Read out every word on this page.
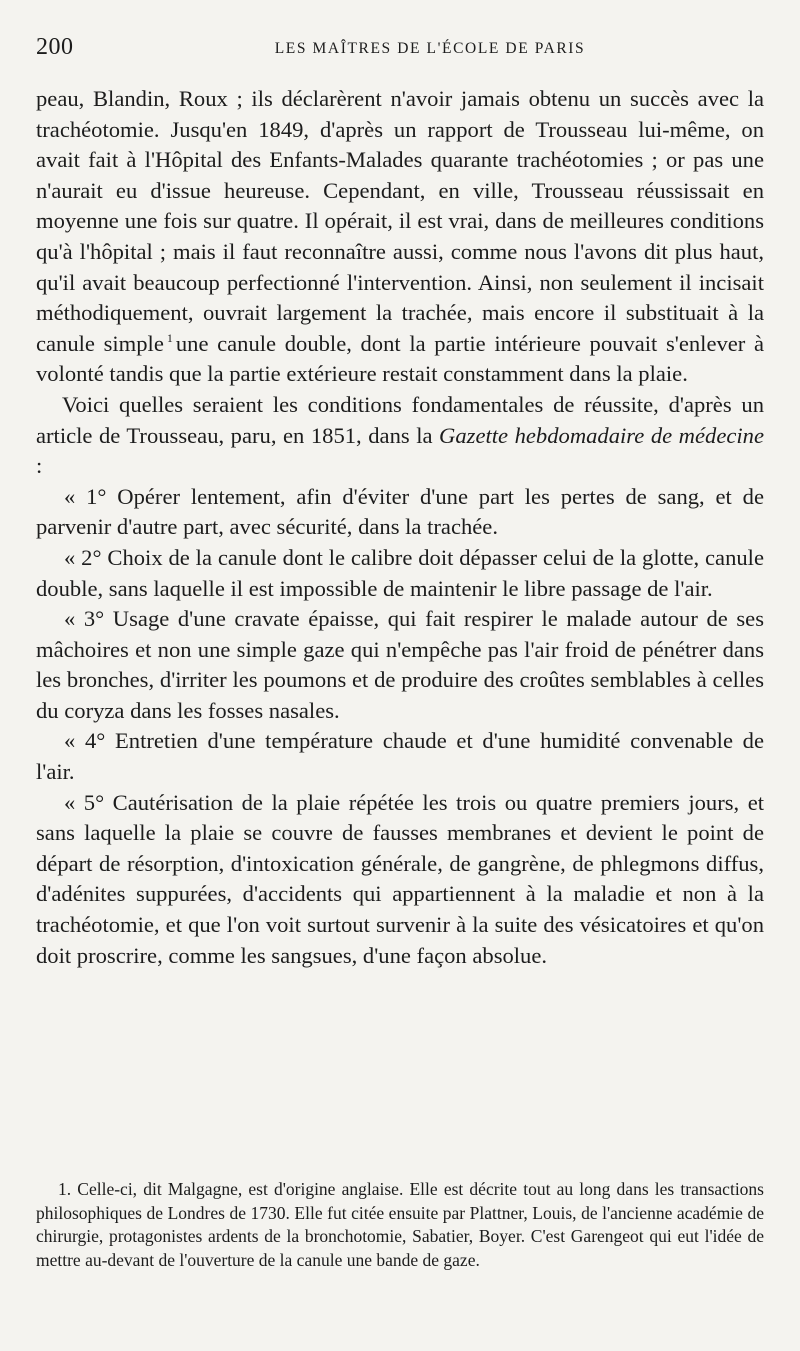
200	LES MAÎTRES DE L'ÉCOLE DE PARIS

peau, Blandin, Roux ; ils déclarèrent n'avoir jamais obtenu un succès avec la trachéotomie. Jusqu'en 1849, d'après un rapport de Trousseau lui-même, on avait fait à l'Hôpital des Enfants-Malades quarante trachéotomies ; or pas une n'aurait eu d'issue heureuse. Cependant, en ville, Trousseau réussissait en moyenne une fois sur quatre. Il opérait, il est vrai, dans de meilleures conditions qu'à l'hôpital ; mais il faut reconnaître aussi, comme nous l'avons dit plus haut, qu'il avait beaucoup perfectionné l'intervention. Ainsi, non seulement il incisait méthodiquement, ouvrait largement la trachée, mais encore il substituait à la canule simple $^1$ une canule double, dont la partie intérieure pouvait s'enlever à volonté tandis que la partie extérieure restait constamment dans la plaie.

Voici quelles seraient les conditions fondamentales de réussite, d'après un article de Trousseau, paru, en 1851, dans la Gazette hebdomadaire de médecine :

« 1° Opérer lentement, afin d'éviter d'une part les pertes de sang, et de parvenir d'autre part, avec sécurité, dans la trachée.

« 2° Choix de la canule dont le calibre doit dépasser celui de la glotte, canule double, sans laquelle il est impossible de maintenir le libre passage de l'air.

« 3° Usage d'une cravate épaisse, qui fait respirer le malade autour de ses mâchoires et non une simple gaze qui n'empêche pas l'air froid de pénétrer dans les bronches, d'irriter les poumons et de produire des croûtes semblables à celles du coryza dans les fosses nasales.

« 4° Entretien d'une température chaude et d'une humidité convenable de l'air.

« 5° Cautérisation de la plaie répétée les trois ou quatre premiers jours, et sans laquelle la plaie se couvre de fausses membranes et devient le point de départ de résorption, d'intoxication générale, de gangrène, de phlegmons diffus, d'adénites suppurées, d'accidents qui appartiennent à la maladie et non à la trachéotomie, et que l'on voit surtout survenir à la suite des vésicatoires et qu'on doit proscrire, comme les sangsues, d'une façon absolue.

1. Celle-ci, dit Malgagne, est d'origine anglaise. Elle est décrite tout au long dans les transactions philosophiques de Londres de 1730. Elle fut citée ensuite par Plattner, Louis, de l'ancienne académie de chirurgie, protagonistes ardents de la bronchotomie, Sabatier, Boyer. C'est Garengeot qui eut l'idée de mettre au-devant de l'ouverture de la canule une bande de gaze.
